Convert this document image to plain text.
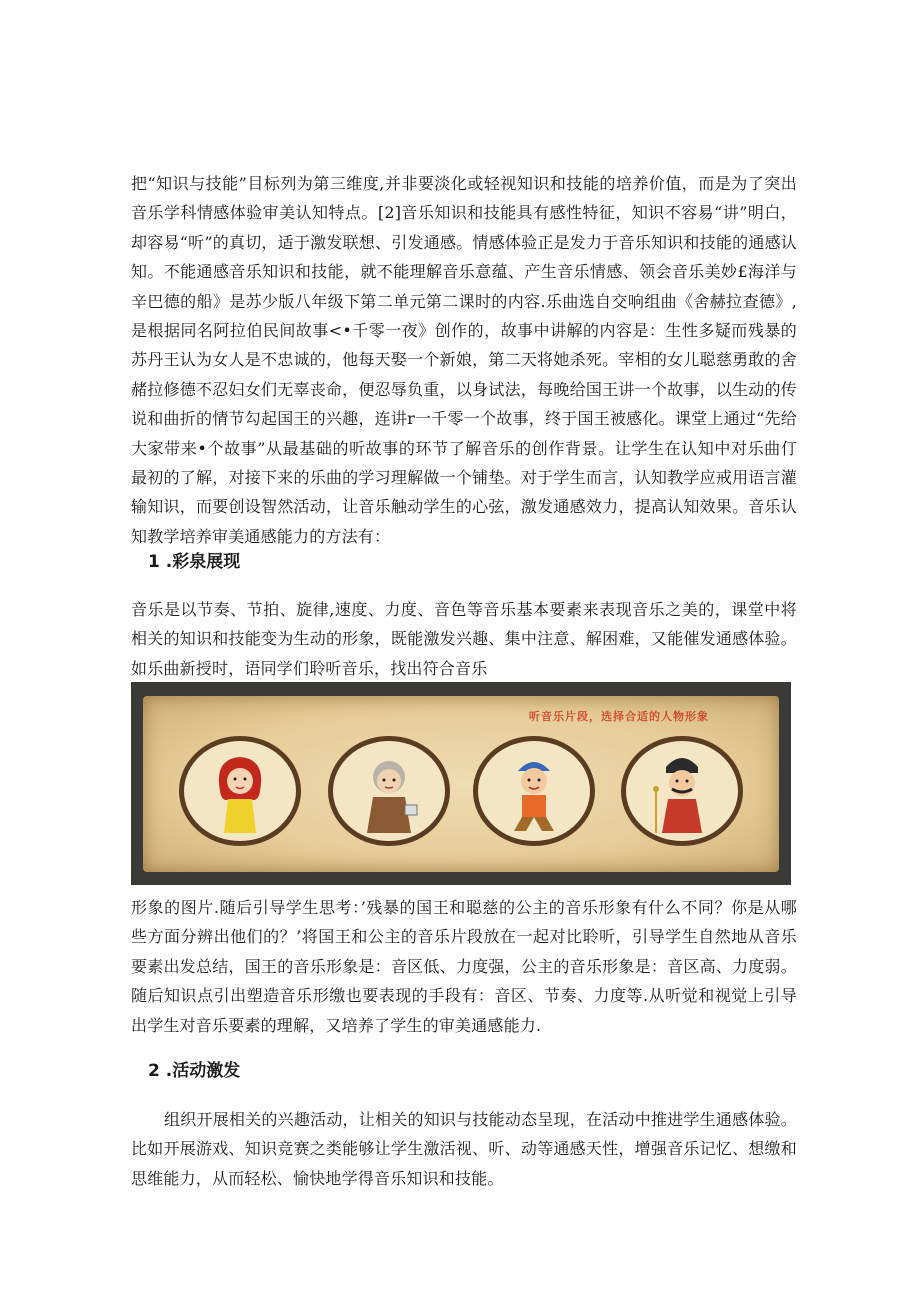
把“知识与技能”目标列为第三维度,并非要淡化或轻视知识和技能的培养价值，而是为了突出音乐学科情感体验审美认知特点。[2]音乐知识和技能具有感性特征，知识不容易“讲”明白，却容易“听”的真切，适于激发联想、引发通感。情感体验正是发力于音乐知识和技能的通感认知。不能通感音乐知识和技能，就不能理解音乐意蕴、产生音乐情感、领会音乐美妙£海洋与辛巴德的船》是苏少版八年级下第二单元第二课时的内容.乐曲选自交响组曲《舍赫拉查德》,是根据同名阿拉伯民间故事<•千零一夜》创作的，故事中讲解的内容是：生性多疑而残暴的苏丹王认为女人是不忠诚的，他每天娶一个新娘，第二天将她杀死。宰相的女儿聪慈勇敢的舍赭拉修德不忍妇女们无辜丧命，便忍辱负重，以身试法，每晚给国王讲一个故事，以生动的传说和曲折的情节勾起国王的兴趣，连讲r一千零一个故事，终于国王被感化。课堂上通过“先给大家带来•个故事”从最基础的听故事的环节了解音乐的创作背景。让学生在认知中对乐曲仃最初的了解，对接下来的乐曲的学习理解做一个铺垫。对于学生而言，认知教学应戒用语言灌输知识，而要创设智然活动，让音乐触动学生的心弦，激发通感效力，提高认知效果。音乐认知教学培养审美通感能力的方法有：

1 .彩泉展现

音乐是以节奏、节拍、旋律,速度、力度、音色等音乐基本要素来表现音乐之美的，课堂中将相关的知识和技能变为生动的形象，既能激发兴趣、集中注意、解困难，又能催发通感体验。如乐曲新授时，语同学们聆听音乐，找出符合音乐

听音乐片段，选择合适的人物形象

形象的图片.随后引导学生思考：’残暴的国王和聪慈的公主的音乐形象有什么不同？你是从哪些方面分辨出他们的？’将国王和公主的音乐片段放在一起对比聆听，引导学生自然地从音乐要素出发总结，国王的音乐形象是：音区低、力度强，公主的音乐形象是：音区高、力度弱。随后知识点引出塑造音乐形缴也要表现的手段有：音区、节奏、力度等.从听觉和视觉上引导出学生对音乐要素的理解，又培养了学生的审美通感能力.

2 .活动激发

组织开展相关的兴趣活动，让相关的知识与技能动态呈现，在活动中推进学生通感体验。比如开展游戏、知识竞赛之类能够让学生激活视、听、动等通感天性，增强音乐记忆、想缴和思维能力，从而轻松、愉快地学得音乐知识和技能。
